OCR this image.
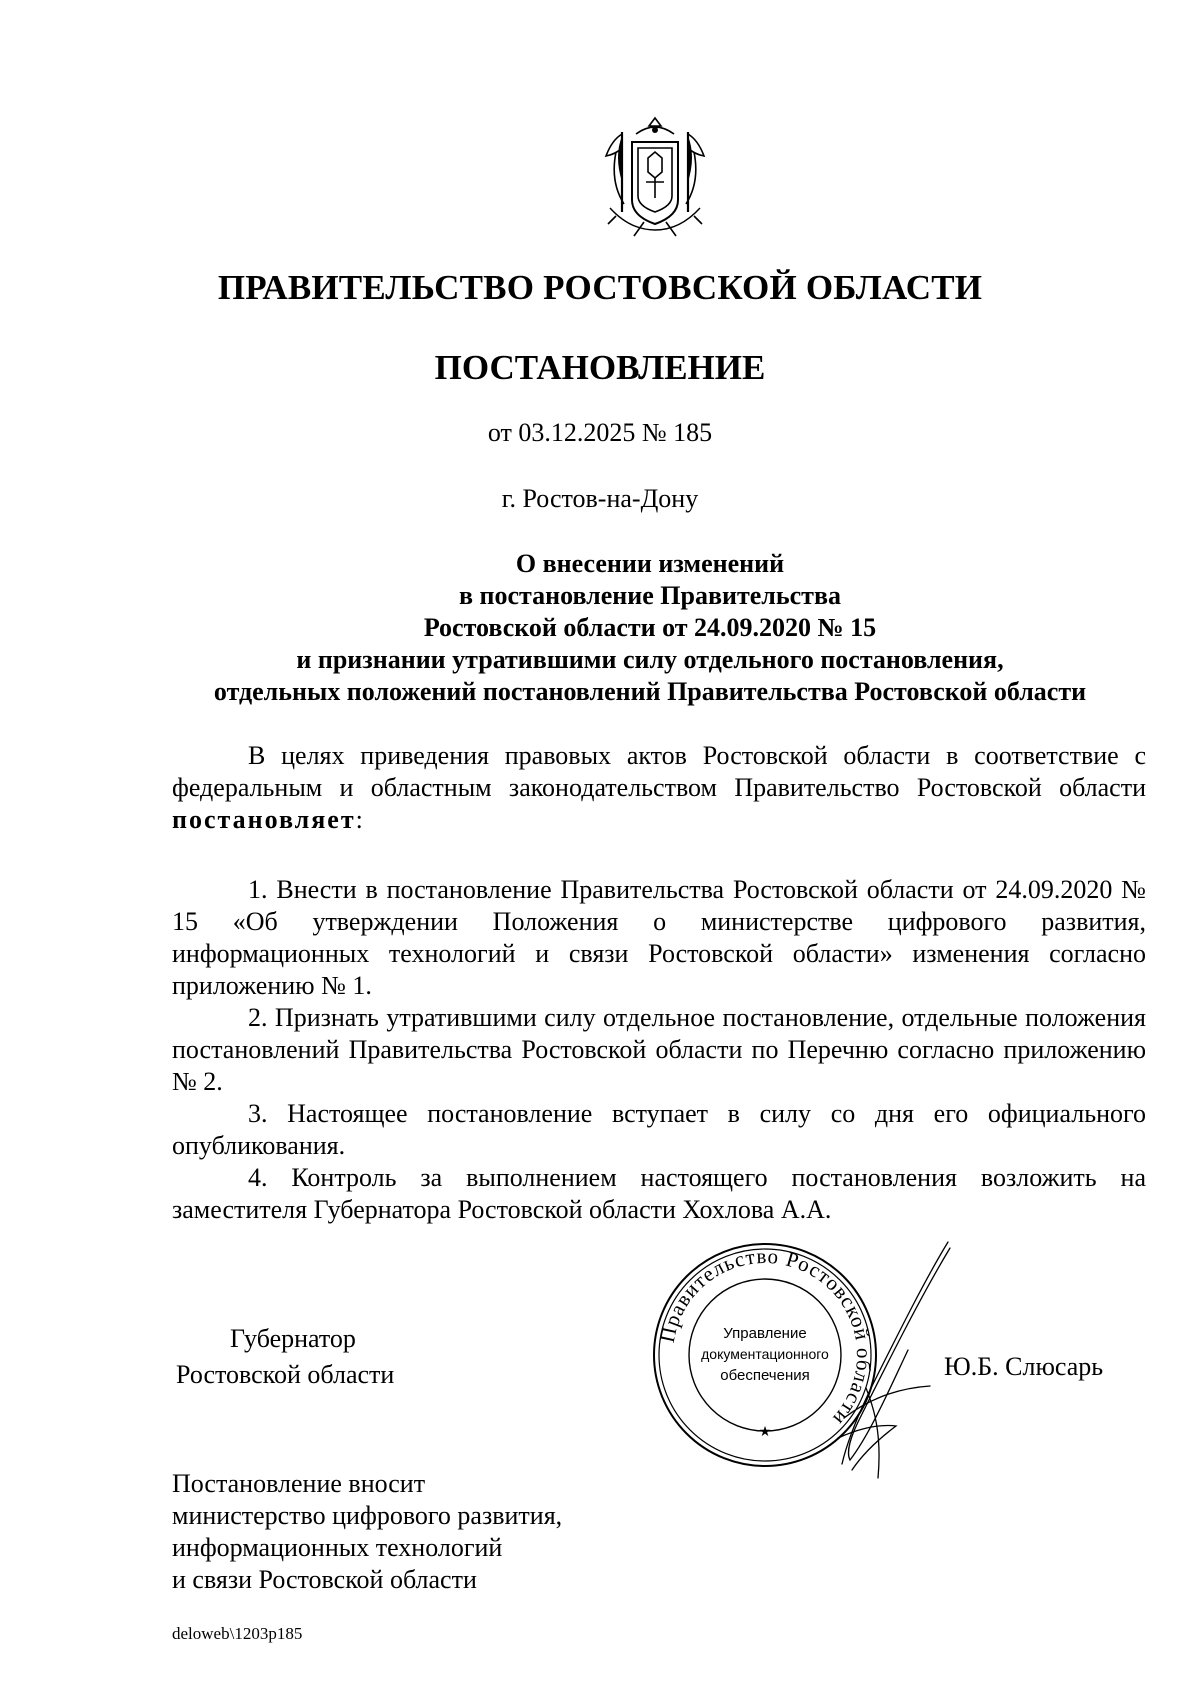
ПРАВИТЕЛЬСТВО РОСТОВСКОЙ ОБЛАСТИ
ПОСТАНОВЛЕНИЕ
от 03.12.2025 № 185
г. Ростов-на-Дону
О внесении изменений
в постановление Правительства
Ростовской области от 24.09.2020 № 15
и признании утратившими силу отдельного постановления,
отдельных положений постановлений Правительства Ростовской области

В целях приведения правовых актов Ростовской области в соответствие с федеральным и областным законодательством Правительство Ростовской области постановляет:

1. Внести в постановление Правительства Ростовской области от 24.09.2020 № 15 «Об утверждении Положения о министерстве цифрового развития, информационных технологий и связи Ростовской области» изменения согласно приложению № 1.

2. Признать утратившими силу отдельное постановление, отдельные положения постановлений Правительства Ростовской области по Перечню согласно приложению № 2.

3. Настоящее постановление вступает в силу со дня его официального опубликования.

4. Контроль за выполнением настоящего постановления возложить на заместителя Губернатора Ростовской области Хохлова А.А.

Губернатор
Ростовской области
Правительство Ростовской области
★
Управление
документационного
обеспечения	Ю.Б. Слюсарь
Постановление вносит
министерство цифрового развития,
информационных технологий
и связи Ростовской области
deloweb\1203p185
